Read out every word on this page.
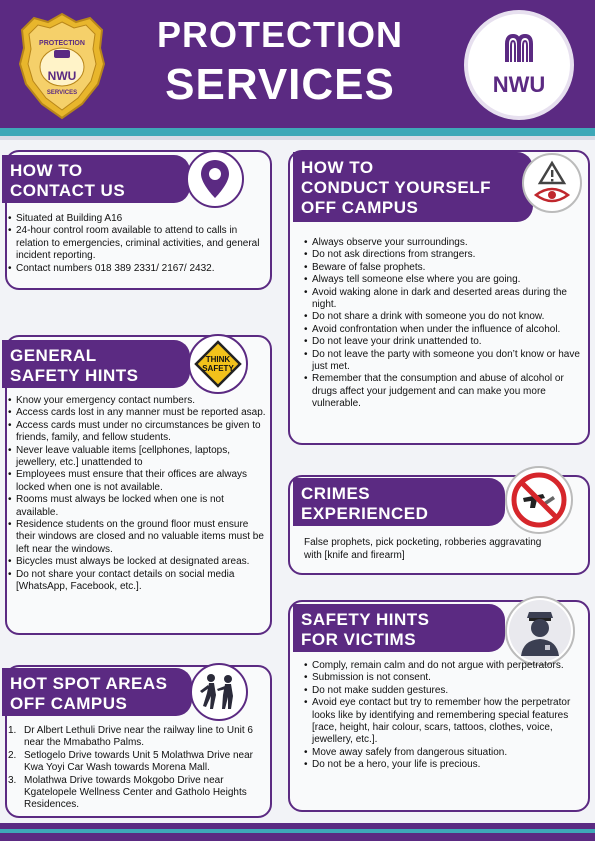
PROTECTION
NWU
SERVICES
PROTECTION
SERVICES	NWU
HOW TO
CONTACT US
• Situated at Building A16
• 24-hour control room available to attend to calls in relation to emergencies, criminal activities, and general incident reporting.
• Contact numbers 018 389 2331/ 2167/ 2432.
GENERAL
SAFETY HINTS
THINK
SAFETY
• Know your emergency contact numbers.
• Access cards lost in any manner must be reported asap.
• Access cards must under no circumstances be given to friends, family, and fellow students.
• Never leave valuable items [cellphones, laptops, jewellery, etc.] unattended to
• Employees must ensure that their offices are always locked when one is not available.
• Rooms must always be locked when one is not available.
• Residence students on the ground floor must ensure their windows are closed and no valuable items must be left near the windows.
• Bicycles must always be locked at designated areas.
• Do not share your contact details on social media [WhatsApp, Facebook, etc.].
HOT SPOT AREAS
OFF CAMPUS
1. Dr Albert Lethuli Drive near the railway line to Unit 6 near the Mmabatho Palms.
2. Setlogelo Drive towards Unit 5 Molathwa Drive near Kwa Yoyi Car Wash towards Morena Mall.
3. Molathwa Drive towards Mokgobo Drive near Kgatelopele Wellness Center and Gatholo Heights Residences.
HOW TO
CONDUCT YOURSELF
OFF CAMPUS
• Always observe your surroundings.
• Do not ask directions from strangers.
• Beware of false prophets.
• Always tell someone else where you are going.
• Avoid waking alone in dark and deserted areas during the night.
• Do not share a drink with someone you do not know.
• Avoid confrontation when under the influence of alcohol.
• Do not leave your drink unattended to.
• Do not leave the party with someone you don’t know or have just met.
• Remember that the consumption and abuse of alcohol or drugs affect your judgement and can make you more vulnerable.
CRIMES
EXPERIENCED
False prophets, pick pocketing, robberies aggravating with [knife and firearm]
SAFETY HINTS
FOR VICTIMS
• Comply, remain calm and do not argue with perpetrators.
• Submission is not consent.
• Do not make sudden gestures.
• Avoid eye contact but try to remember how the perpetrator looks like by identifying and remembering special features [race, height, hair colour, scars, tattoos, clothes, voice, jewellery, etc.].
• Move away safely from dangerous situation.
• Do not be a hero, your life is precious.
